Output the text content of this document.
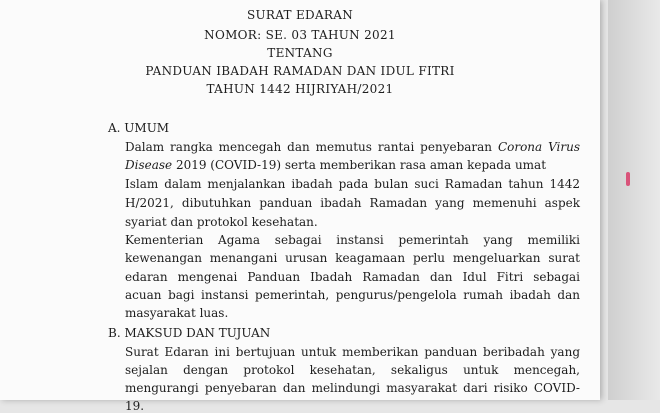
SURAT EDARAN
NOMOR: SE. 03 TAHUN 2021
TENTANG
PANDUAN IBADAH RAMADAN DAN IDUL FITRI
TAHUN 1442 HIJRIYAH/2021
A. UMUM
Dalam rangka mencegah dan memutus rantai penyebaran Corona Virus
Disease 2019 (COVID-19) serta memberikan rasa aman kepada umat
Islam dalam menjalankan ibadah pada bulan suci Ramadan tahun 1442
H/2021, dibutuhkan panduan ibadah Ramadan yang memenuhi aspek
syariat dan protokol kesehatan.
Kementerian Agama sebagai instansi pemerintah yang memiliki
kewenangan menangani urusan keagamaan perlu mengeluarkan surat
edaran mengenai Panduan Ibadah Ramadan dan Idul Fitri sebagai
acuan bagi instansi pemerintah, pengurus/pengelola rumah ibadah dan
masyarakat luas.
B. MAKSUD DAN TUJUAN
Surat Edaran ini bertujuan untuk memberikan panduan beribadah yang
sejalan dengan protokol kesehatan, sekaligus untuk mencegah,
mengurangi penyebaran dan melindungi masyarakat dari risiko COVID-
19.
